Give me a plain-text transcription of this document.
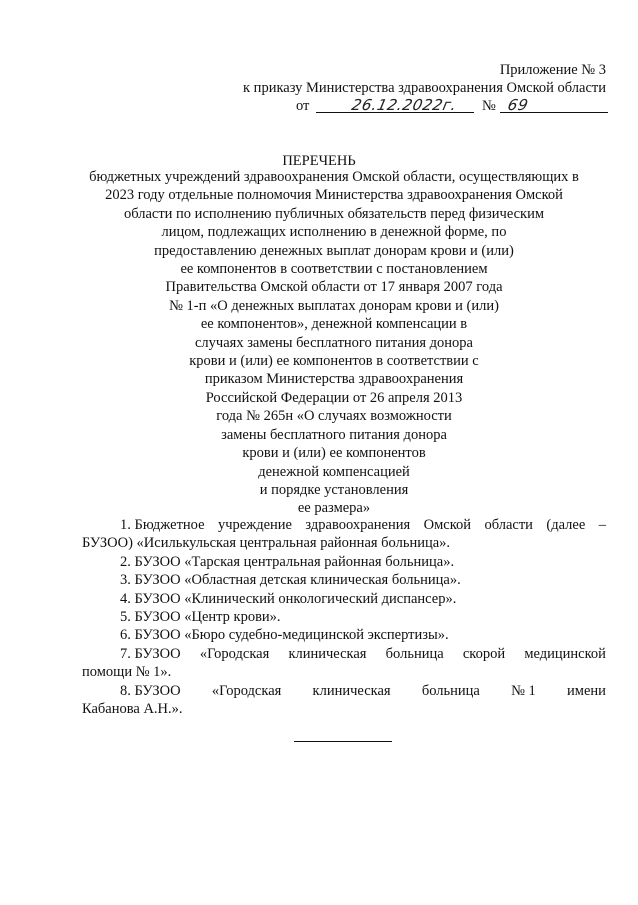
Приложение № 3
к приказу Министерства здравоохранения Омской области
от	26.12.2022г. № 69
ПЕРЕЧЕНЬ
бюджетных учреждений здравоохранения Омской области, осуществляющих в
2023 году отдельные полномочия Министерства здравоохранения Омской
области по исполнению публичных обязательств перед физическим
лицом, подлежащих исполнению в денежной форме, по
предоставлению денежных выплат донорам крови и (или)
ее компонентов в соответствии с постановлением
Правительства Омской области от 17 января 2007 года
№ 1-п «О денежных выплатах донорам крови и (или)
ее компонентов», денежной компенсации в
случаях замены бесплатного питания донора
крови и (или) ее компонентов в соответствии с
приказом Министерства здравоохранения
Российской Федерации от 26 апреля 2013
года № 265н «О случаях возможности
замены бесплатного питания донора
крови и (или) ее компонентов
денежной компенсацией
и порядке установления
ее размера»
1. Бюджетное учреждение здравоохранения Омской области (далее –
БУЗОО) «Исилькульская центральная районная больница».
2. БУЗОО «Тарская центральная районная больница».
3. БУЗОО «Областная детская клиническая больница».
4. БУЗОО «Клинический онкологический диспансер».
5. БУЗОО «Центр крови».
6. БУЗОО «Бюро судебно-медицинской экспертизы».
7. БУЗОО «Городская клиническая больница скорой медицинской
помощи № 1».
8. БУЗОО «Городская клиническая больница № 1 имени
Кабанова А.Н.».
